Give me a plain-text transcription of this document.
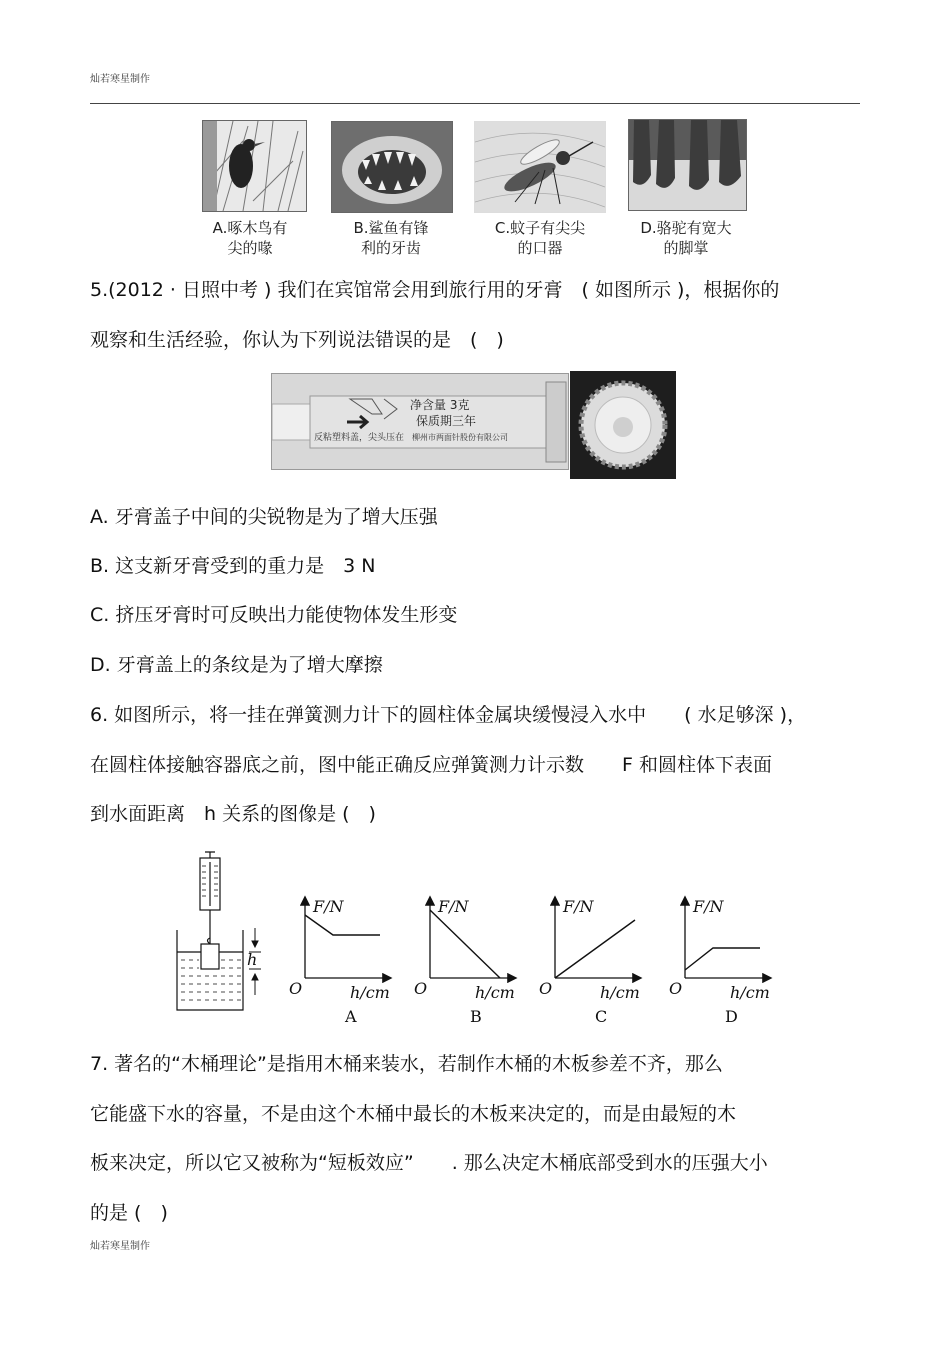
灿若寒星制作
A.啄木鸟有
尖的喙
B.鲨鱼有锋
利的牙齿
C.蚊子有尖尖
的口器
D.骆驼有宽大
的脚掌
5.(2012 · 日照中考 ) 我们在宾馆常会用到旅行用的牙膏　( 如图所示 )，根据你的
观察和生活经验，你认为下列说法错误的是　(　)
净含量 3克
保质期三年
反粘塑料盖，尖头压在 柳州市两面针股份有限公司
A. 牙膏盖子中间的尖锐物是为了增大压强
B. 这支新牙膏受到的重力是　3 N
C. 挤压牙膏时可反映出力能使物体发生形变
D. 牙膏盖上的条纹是为了增大摩擦
6. 如图所示，将一挂在弹簧测力计下的圆柱体金属块缓慢浸入水中　　( 水足够深 )，
在圆柱体接触容器底之前，图中能正确反应弹簧测力计示数　　F 和圆柱体下表面
到水面距离　h 关系的图像是 (　)
h
F/N
h/cm
O
A
F/N
h/cm
O
B
F/N
h/cm
O
C
F/N
h/cm
O
D
7. 著名的“木桶理论”是指用木桶来装水，若制作木桶的木板参差不齐，那么
它能盛下水的容量，不是由这个木桶中最长的木板来决定的，而是由最短的木
板来决定，所以它又被称为“短板效应”　　. 那么决定木桶底部受到水的压强大小
的是 (　)
灿若寒星制作
